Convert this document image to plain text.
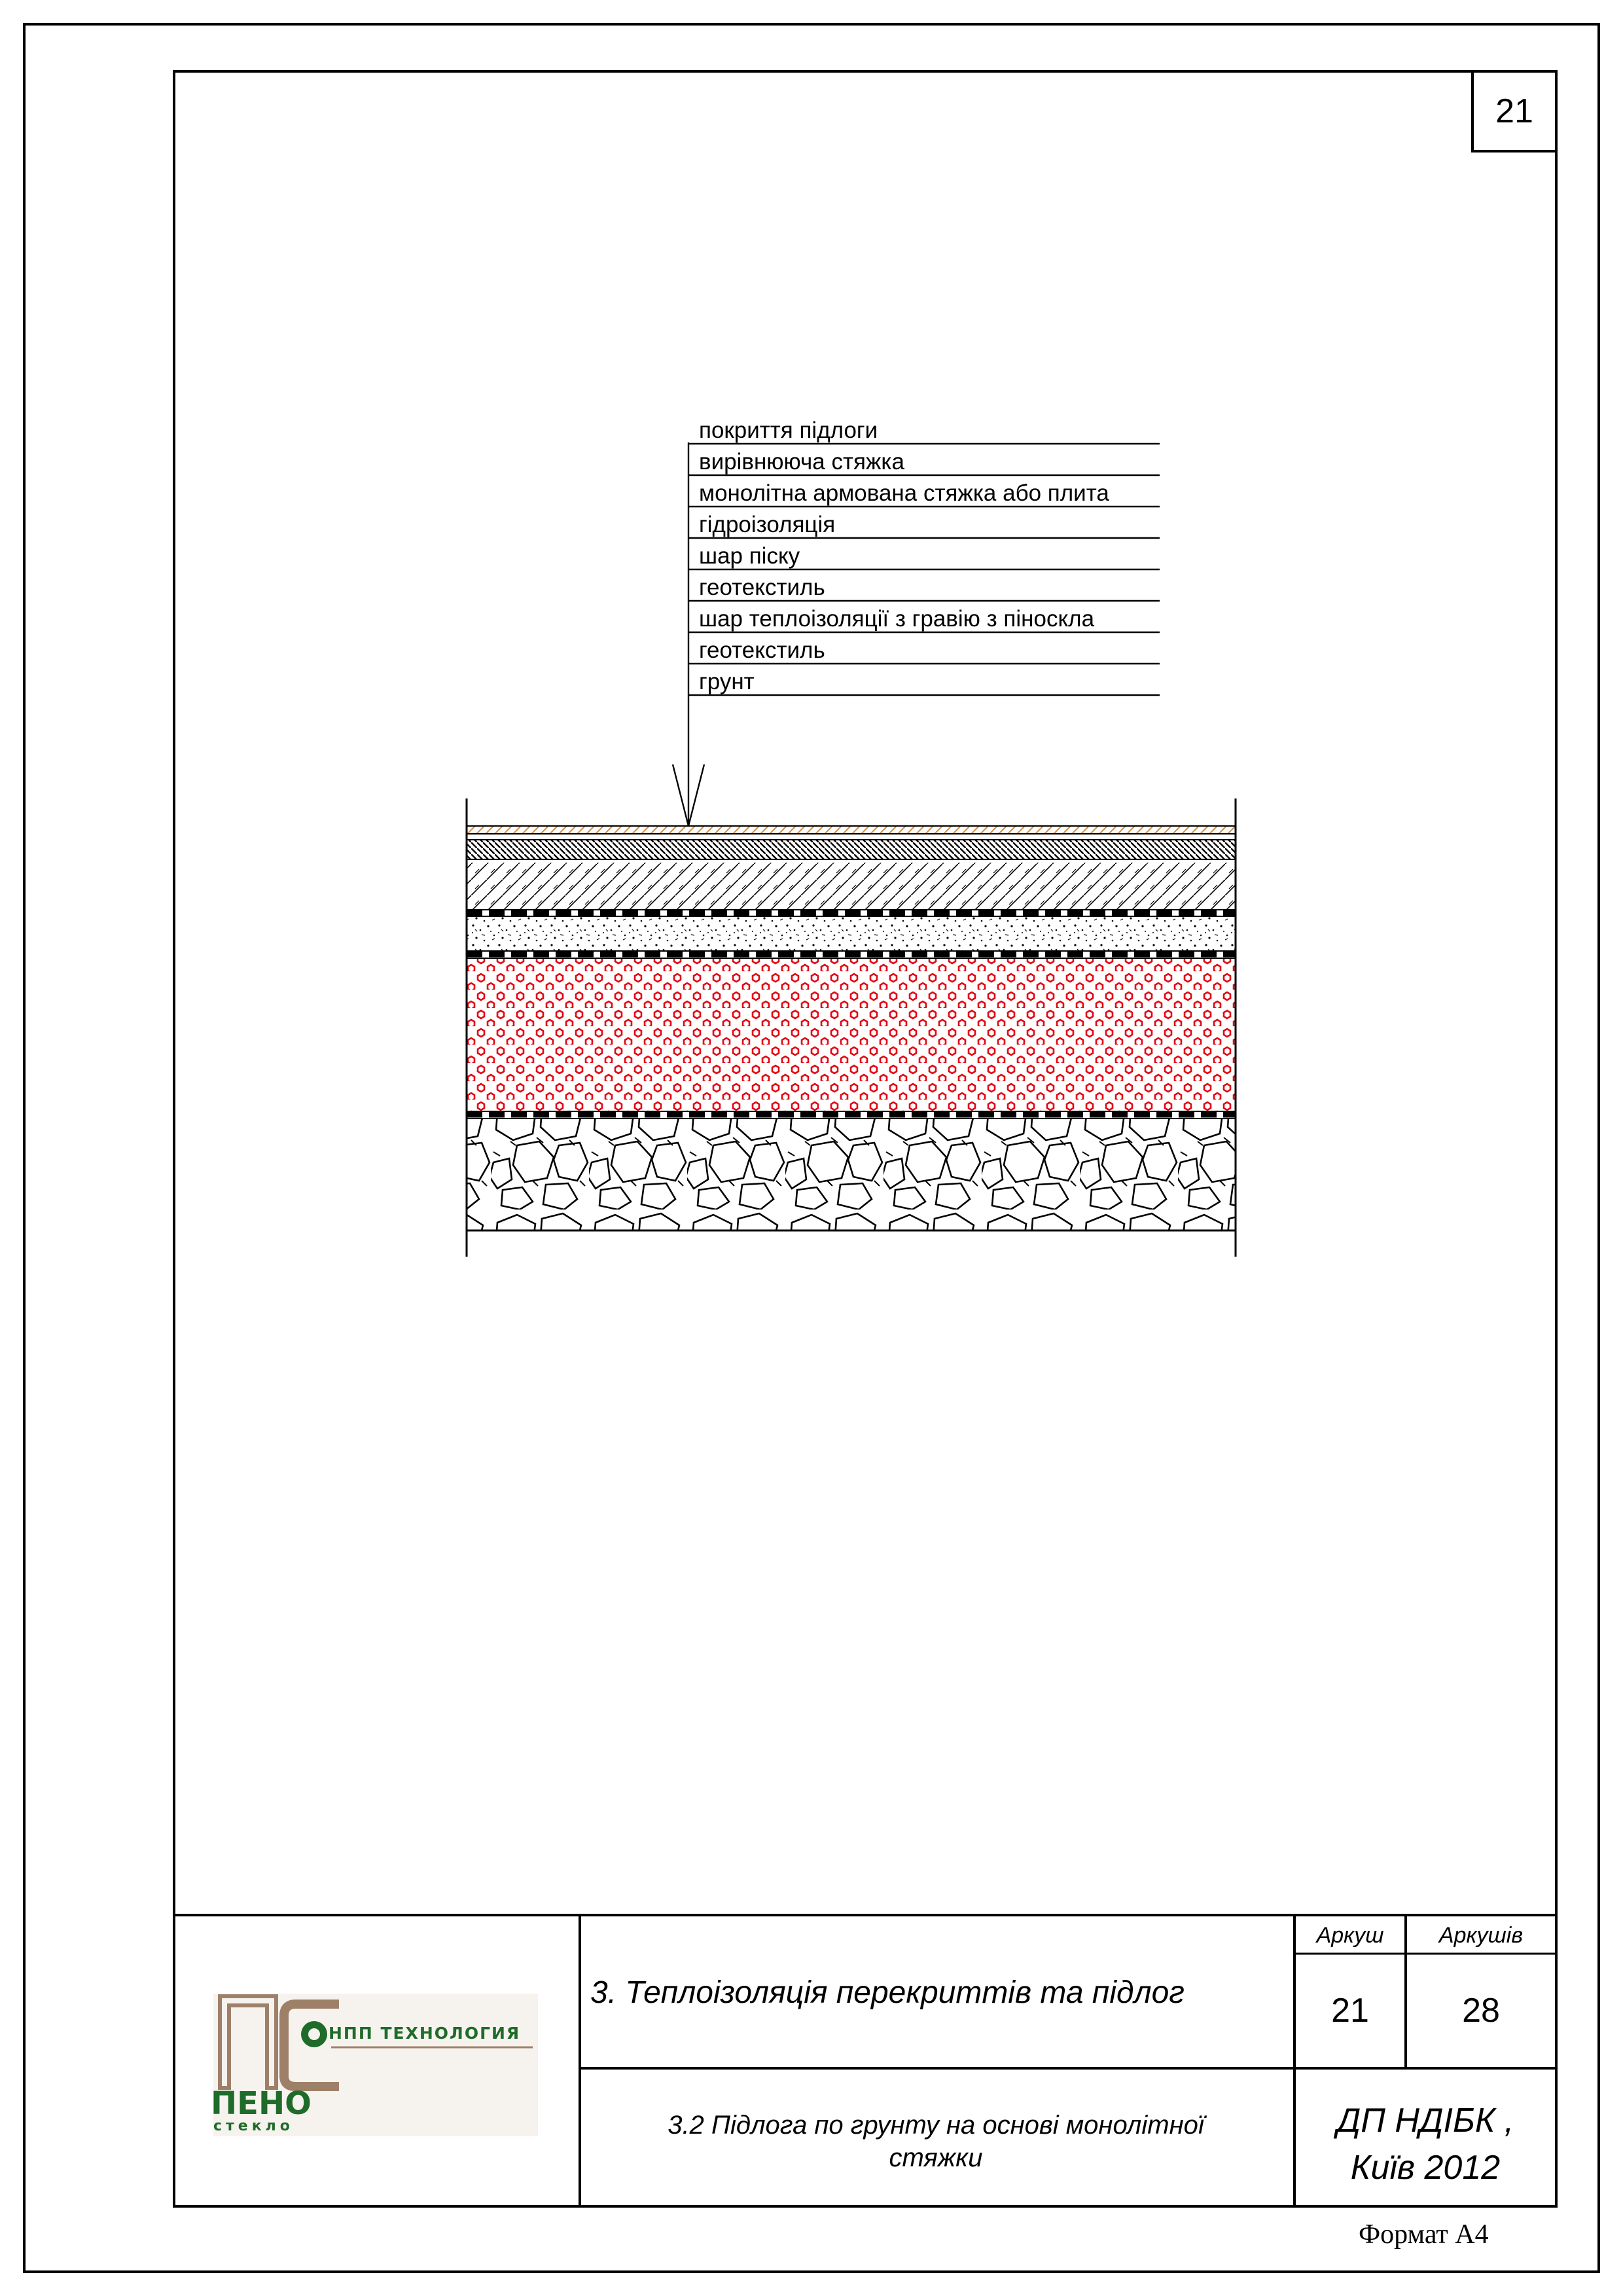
21
покриття підлоги
вирівнююча стяжка
монолітна армована стяжка або плита
гідроізоляція
шар піску
геотекстиль
шар теплоізоляції з гравію з піноскла
геотекстиль
грунт
НПП ТЕХНОЛОГИЯ
ПЕНО
стекло
Аркуш	Аркушів
21	28
3. Теплоізоляція перекриттів та підлог
3.2 Підлога по грунту на основі монолітної стяжки
ДП НДІБК ,
Київ 2012
Формат А4
